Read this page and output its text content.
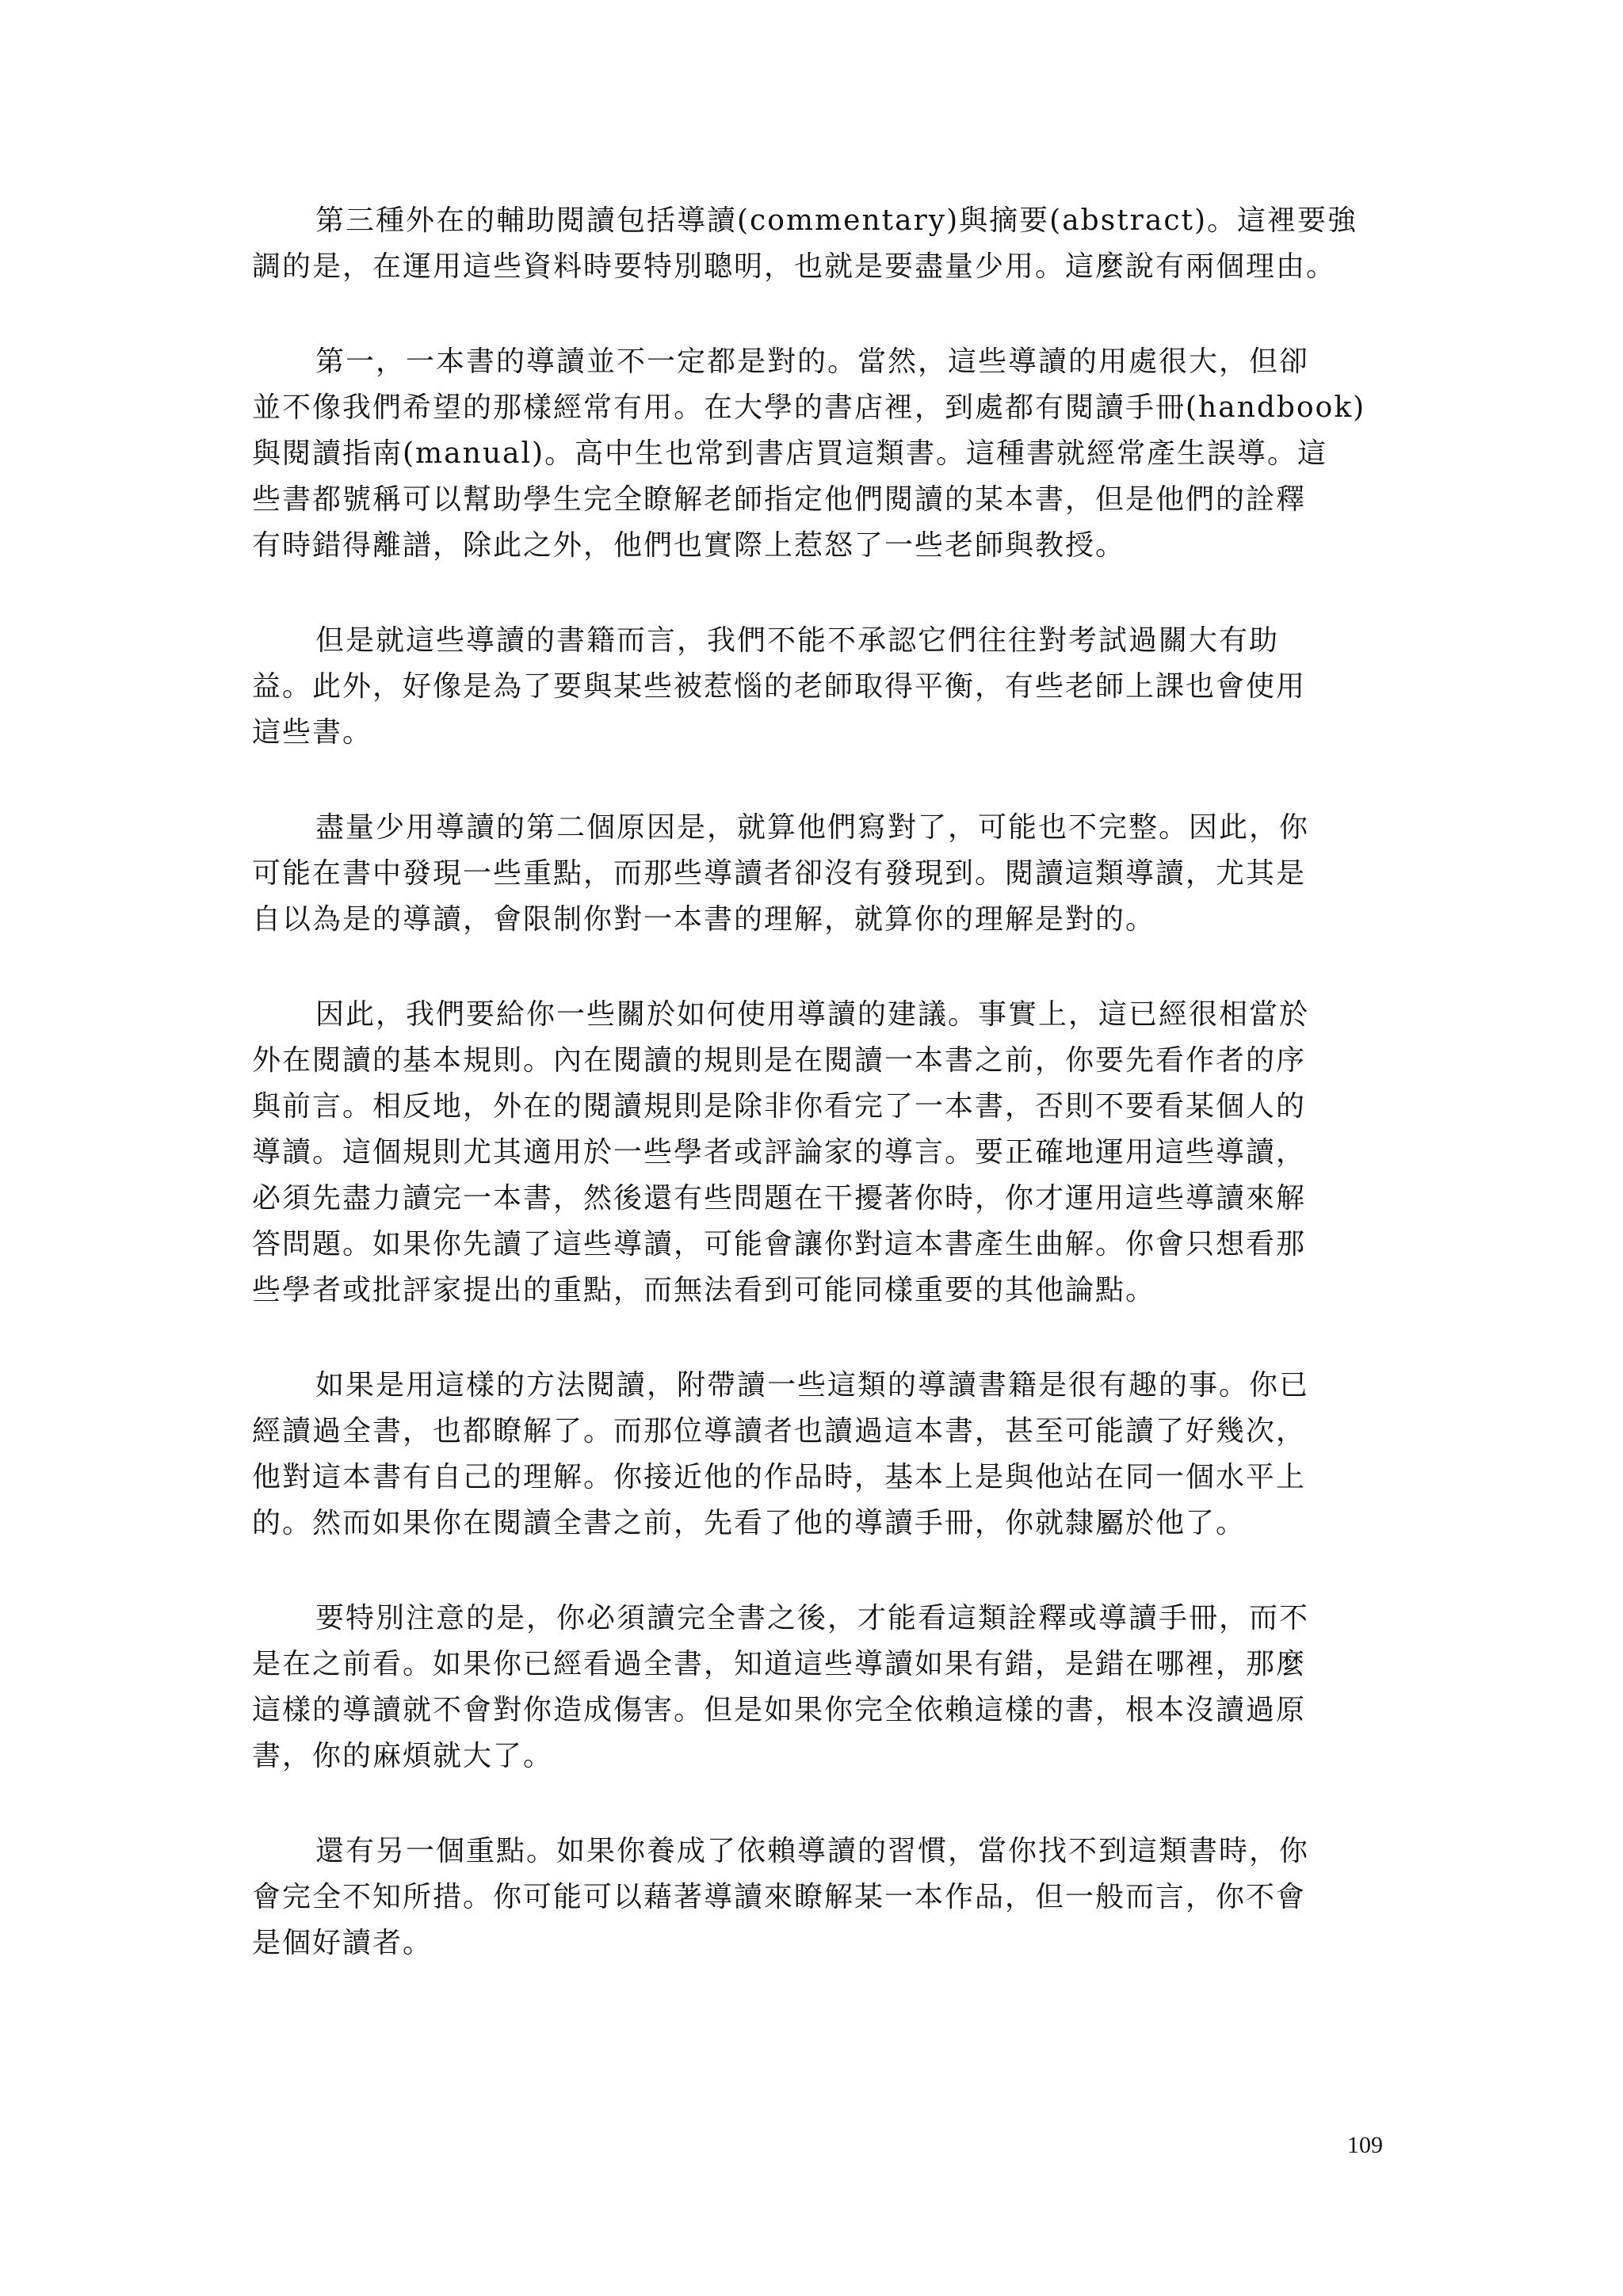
第三種外在的輔助閱讀包括導讀(commentary)與摘要(abstract)。這裡要強
調的是，在運用這些資料時要特別聰明，也就是要盡量少用。這麼說有兩個理由。

第一，一本書的導讀並不一定都是對的。當然，這些導讀的用處很大，但卻
並不像我們希望的那樣經常有用。在大學的書店裡，到處都有閱讀手冊(handbook)
與閱讀指南(manual)。高中生也常到書店買這類書。這種書就經常產生誤導。這
些書都號稱可以幫助學生完全瞭解老師指定他們閱讀的某本書，但是他們的詮釋
有時錯得離譜，除此之外，他們也實際上惹怒了一些老師與教授。

但是就這些導讀的書籍而言，我們不能不承認它們往往對考試過關大有助
益。此外，好像是為了要與某些被惹惱的老師取得平衡，有些老師上課也會使用
這些書。

盡量少用導讀的第二個原因是，就算他們寫對了，可能也不完整。因此，你
可能在書中發現一些重點，而那些導讀者卻沒有發現到。閱讀這類導讀，尤其是
自以為是的導讀，會限制你對一本書的理解，就算你的理解是對的。

因此，我們要給你一些關於如何使用導讀的建議。事實上，這已經很相當於
外在閱讀的基本規則。內在閱讀的規則是在閱讀一本書之前，你要先看作者的序
與前言。相反地，外在的閱讀規則是除非你看完了一本書，否則不要看某個人的
導讀。這個規則尤其適用於一些學者或評論家的導言。要正確地運用這些導讀，
必須先盡力讀完一本書，然後還有些問題在干擾著你時，你才運用這些導讀來解
答問題。如果你先讀了這些導讀，可能會讓你對這本書產生曲解。你會只想看那
些學者或批評家提出的重點，而無法看到可能同樣重要的其他論點。

如果是用這樣的方法閱讀，附帶讀一些這類的導讀書籍是很有趣的事。你已
經讀過全書，也都瞭解了。而那位導讀者也讀過這本書，甚至可能讀了好幾次，
他對這本書有自己的理解。你接近他的作品時，基本上是與他站在同一個水平上
的。然而如果你在閱讀全書之前，先看了他的導讀手冊，你就隸屬於他了。

要特別注意的是，你必須讀完全書之後，才能看這類詮釋或導讀手冊，而不
是在之前看。如果你已經看過全書，知道這些導讀如果有錯，是錯在哪裡，那麼
這樣的導讀就不會對你造成傷害。但是如果你完全依賴這樣的書，根本沒讀過原
書，你的麻煩就大了。

還有另一個重點。如果你養成了依賴導讀的習慣，當你找不到這類書時，你
會完全不知所措。你可能可以藉著導讀來瞭解某一本作品，但一般而言，你不會
是個好讀者。

109
